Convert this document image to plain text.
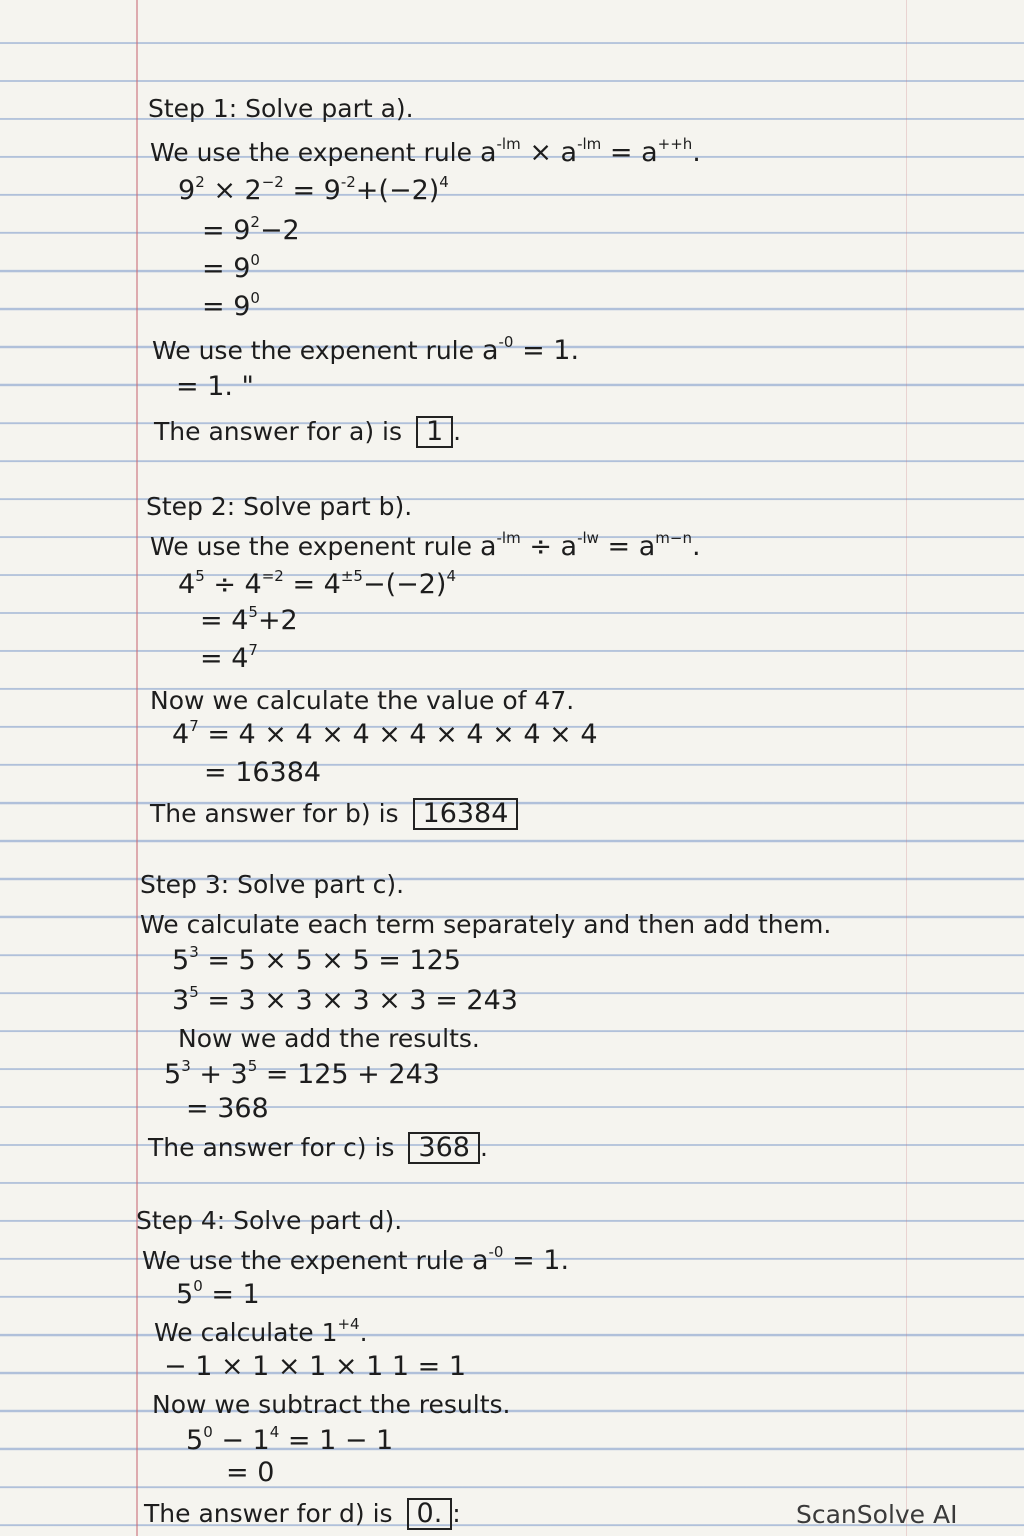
Step 1: Solve part a).
We use the expenent rule $a^{-lm} \times a^{-lm} = a^{++h}$.
$9^2 \times 2^{-2} = 9^{-2}+(-2)^4$
= $9^2-2$
= $9^0$
= $9^0$
We use the expenent rule $a^{-0} = 1$.
= 1. "
The answer for a) is 1 .
Step 2: Solve part b).
We use the expenent rule $a^{-lm} \div a^{-lw} = a^{m-n}$.
$4^5 \div 4^{=2} = 4^{\pm 5}-(-2)^4$
= $4^5+2$
= $4^7$
Now we calculate the value of 47.
$4^7 = 4 \times 4 \times 4 \times 4 \times 4 \times 4 \times 4$
= 16384
The answer for b) is 16384
Step 3: Solve part c).
We calculate each term separately and then add them.
$5^3 = 5 \times 5 \times 5 = 125$
$3^5 = 3 \times 3 \times 3 \times 3 = 243$
Now we add the results.
$5^3 + 3^5 = 125 + 243$
= 368
The answer for c) is 368 .
Step 4: Solve part d).
We use the expenent rule $a^{-0} = 1$.
$5^0 = 1$
We calculate $1^{+4}$.
− 1 × 1 × 1 × 1 1 = 1
Now we subtract the results.
$5^0 - 1^4 = 1 - 1$
= 0
The answer for d) is 0. :	ScanSolve AI
